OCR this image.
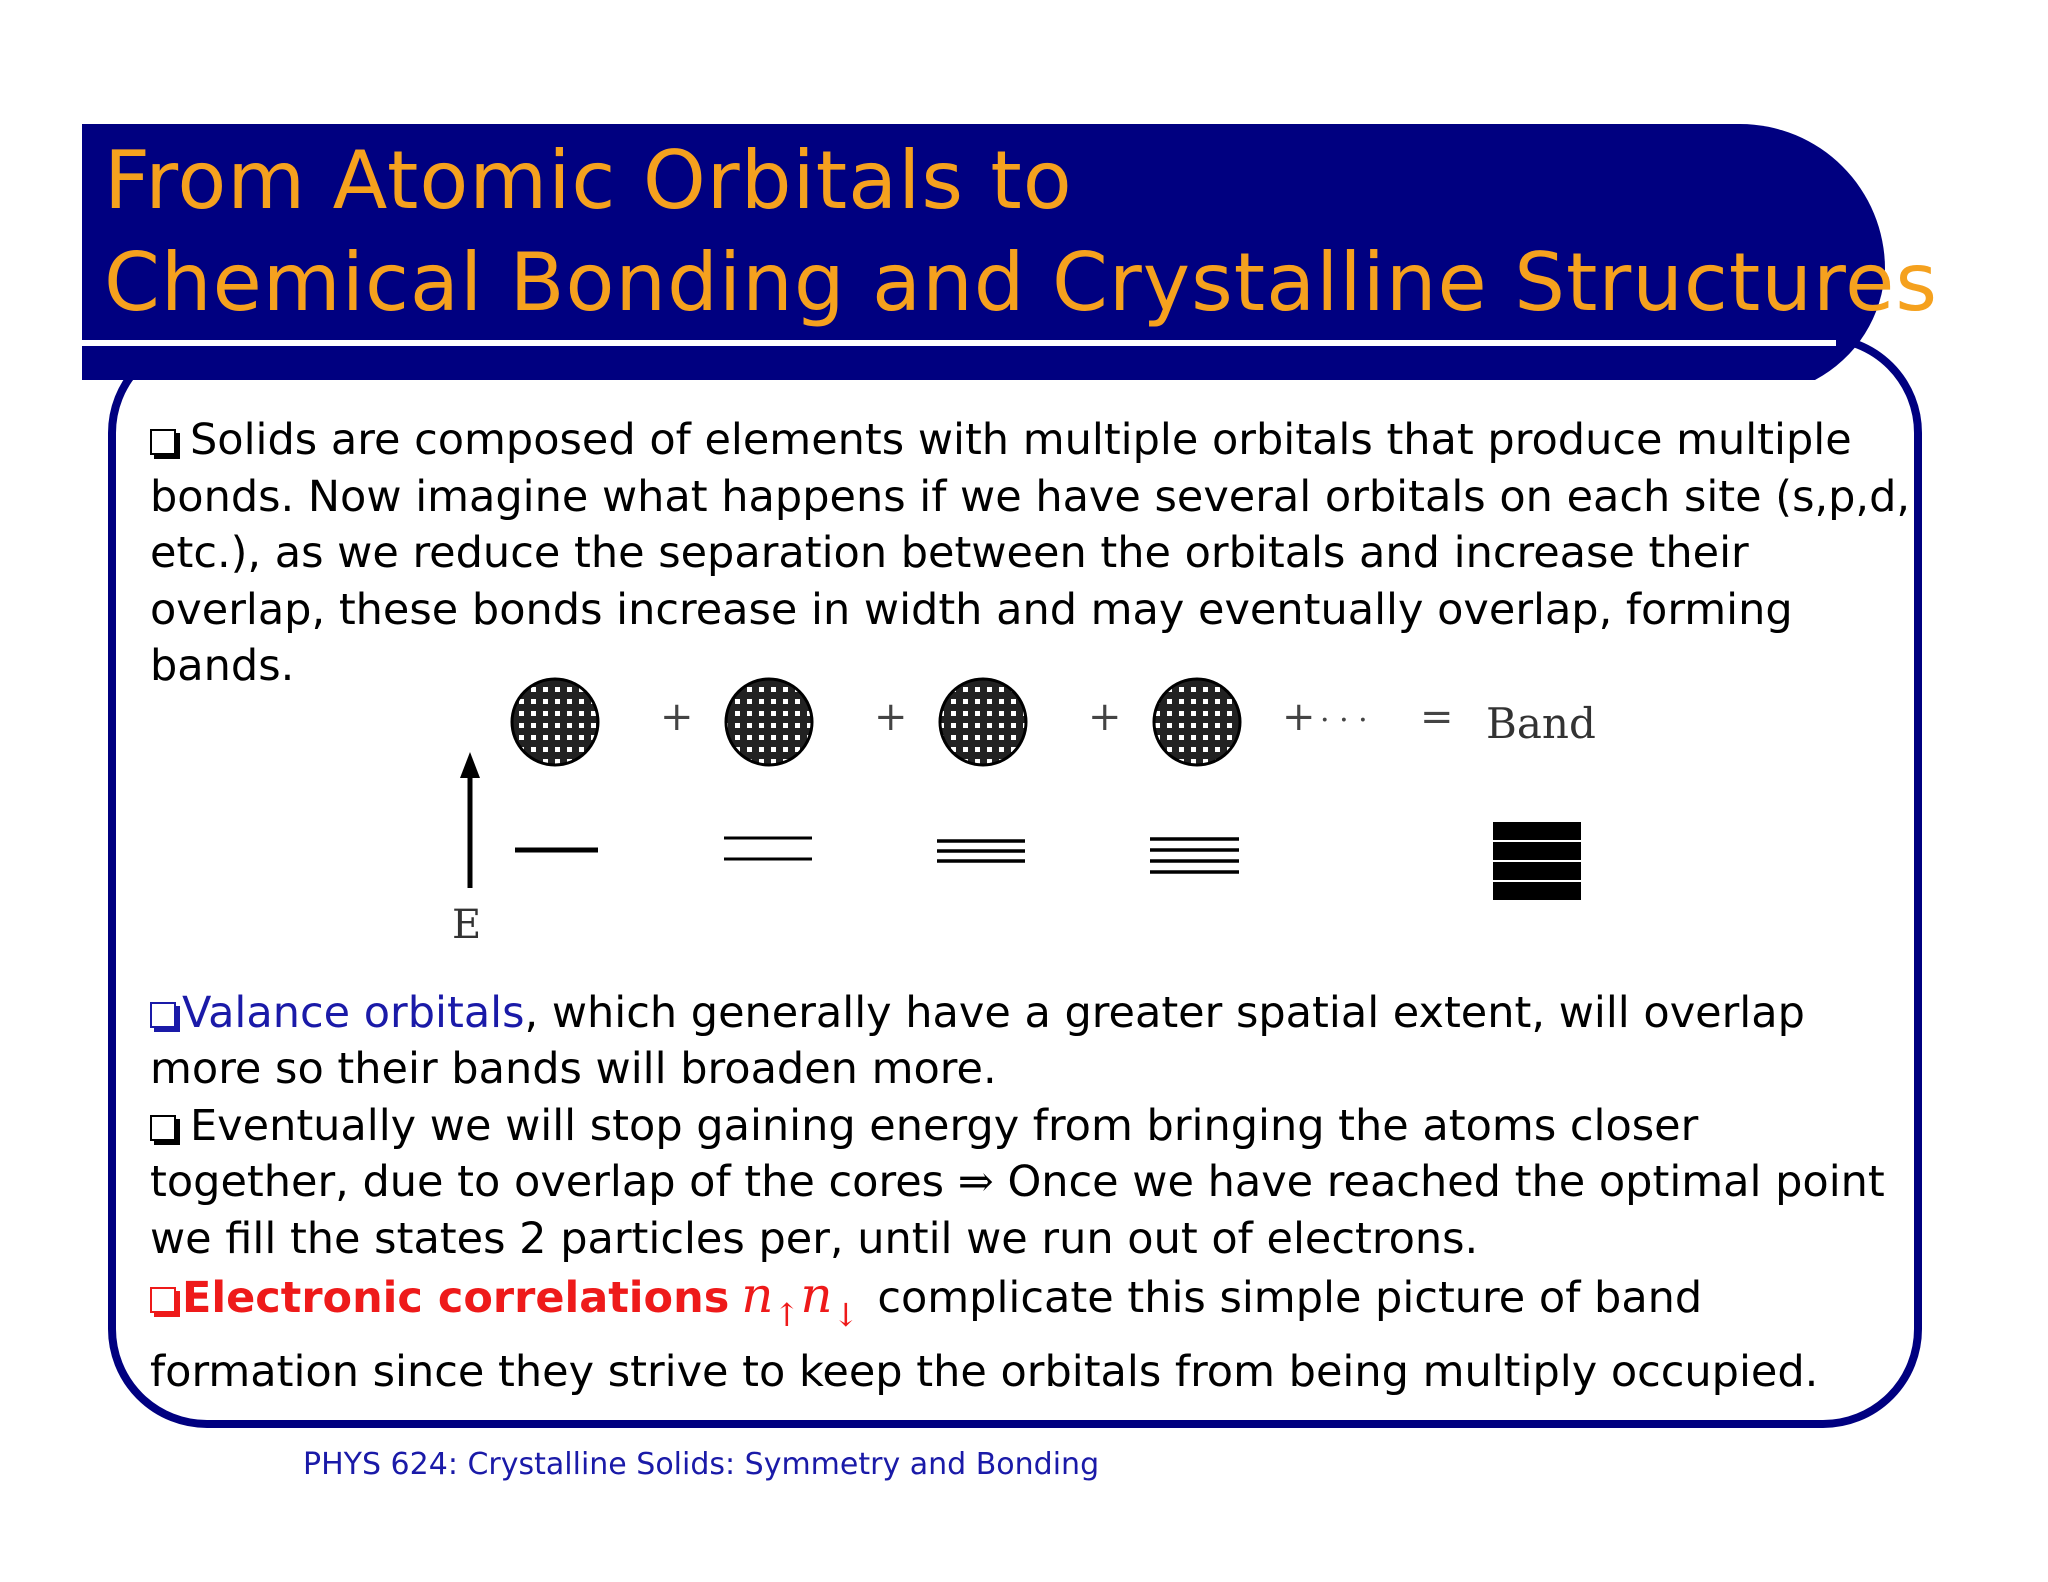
From Atomic Orbitals to
Chemical Bonding and Crystalline Structures

Solids are composed of elements with multiple orbitals that produce multiple
bonds. Now imagine what happens if we have several orbitals on each site (s,p,d,
etc.), as we reduce the separation between the orbitals and increase their
overlap, these bonds increase in width and may eventually overlap, forming
bands.

Valance orbitals, which generally have a greater spatial extent, will overlap
more so their bands will broaden more.

Eventually we will stop gaining energy from bringing the atoms closer
together, due to overlap of the cores ⇒ Once we have reached the optimal point
we fill the states 2 particles per, until we run out of electrons.

Electronic correlations $n_↑n_↓$ complicate this simple picture of band
formation since they strive to keep the orbitals from being multiply occupied.

+	+	+	+ · · · = Band
E

PHYS 624: Crystalline Solids: Symmetry and Bonding
